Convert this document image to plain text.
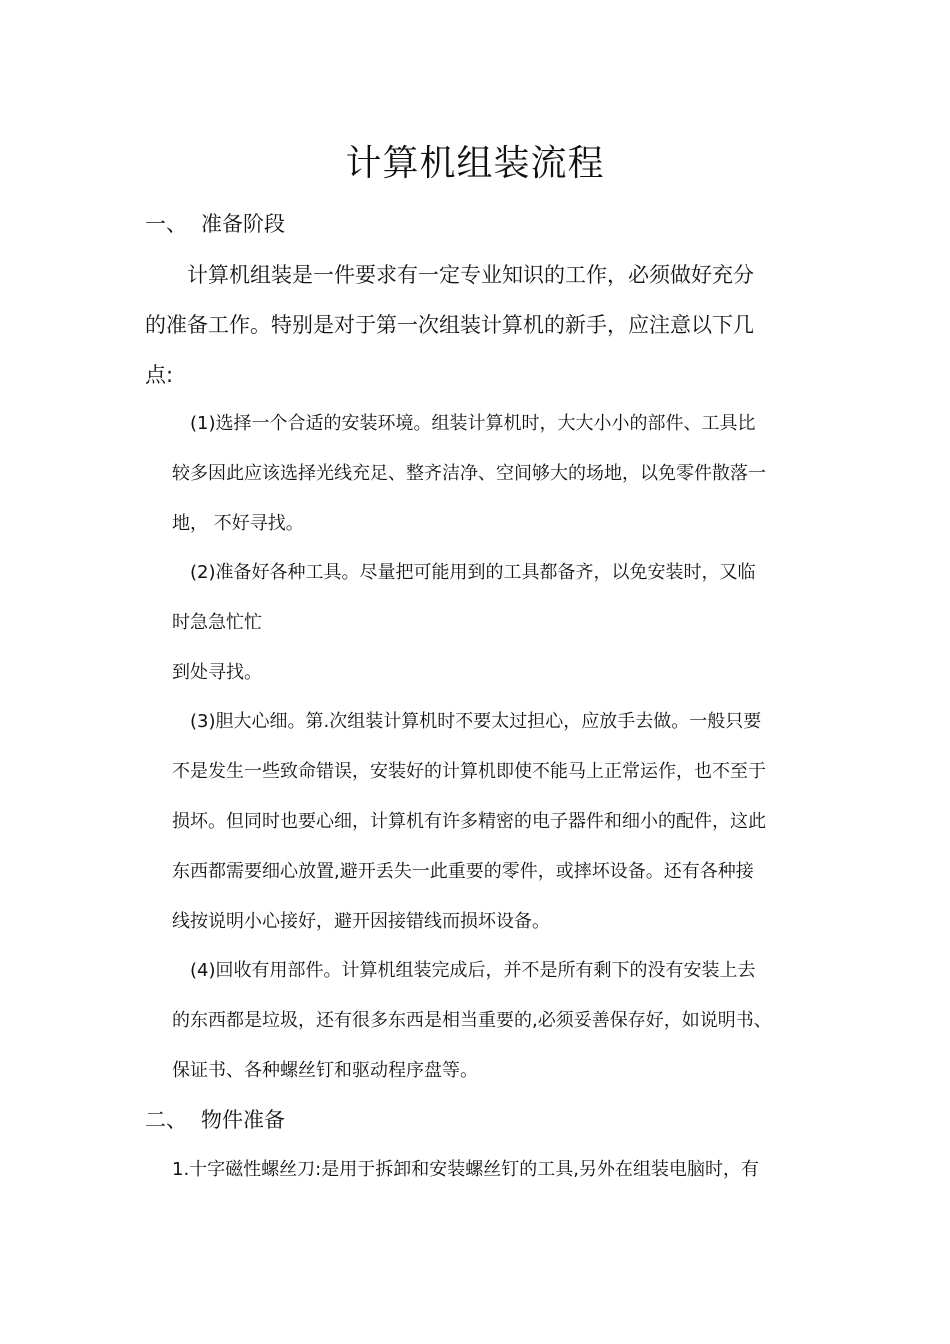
计算机组装流程
一、 准备阶段
计算机组装是一件要求有一定专业知识的工作，必须做好充分
的准备工作。特别是对于第一次组装计算机的新手，应注意以下几
点:
(1)选择一个合适的安装环境。组装计算机时，大大小小的部件、工具比
较多因此应该选择光线充足、整齐洁净、空间够大的场地，以免零件散落一
地， 不好寻找。
(2)准备好各种工具。尽量把可能用到的工具都备齐，以免安装时，又临
时急急忙忙
到处寻找。
(3)胆大心细。第.次组装计算机时不要太过担心，应放手去做。一般只要
不是发生一些致命错误，安装好的计算机即使不能马上正常运作，也不至于
损坏。但同时也要心细，计算机有许多精密的电子器件和细小的配件，这此
东西都需要细心放置,避开丢失一此重要的零件，或摔坏设备。还有各种接
线按说明小心接好，避开因接错线而损坏设备。
(4)回收有用部件。计算机组装完成后，并不是所有剩下的没有安装上去
的东西都是垃圾，还有很多东西是相当重要的,必须妥善保存好，如说明书、
保证书、各种螺丝钉和驱动程序盘等。
二、 物件准备
1.十字磁性螺丝刀:是用于拆卸和安装螺丝钉的工具,另外在组装电脑时，有
